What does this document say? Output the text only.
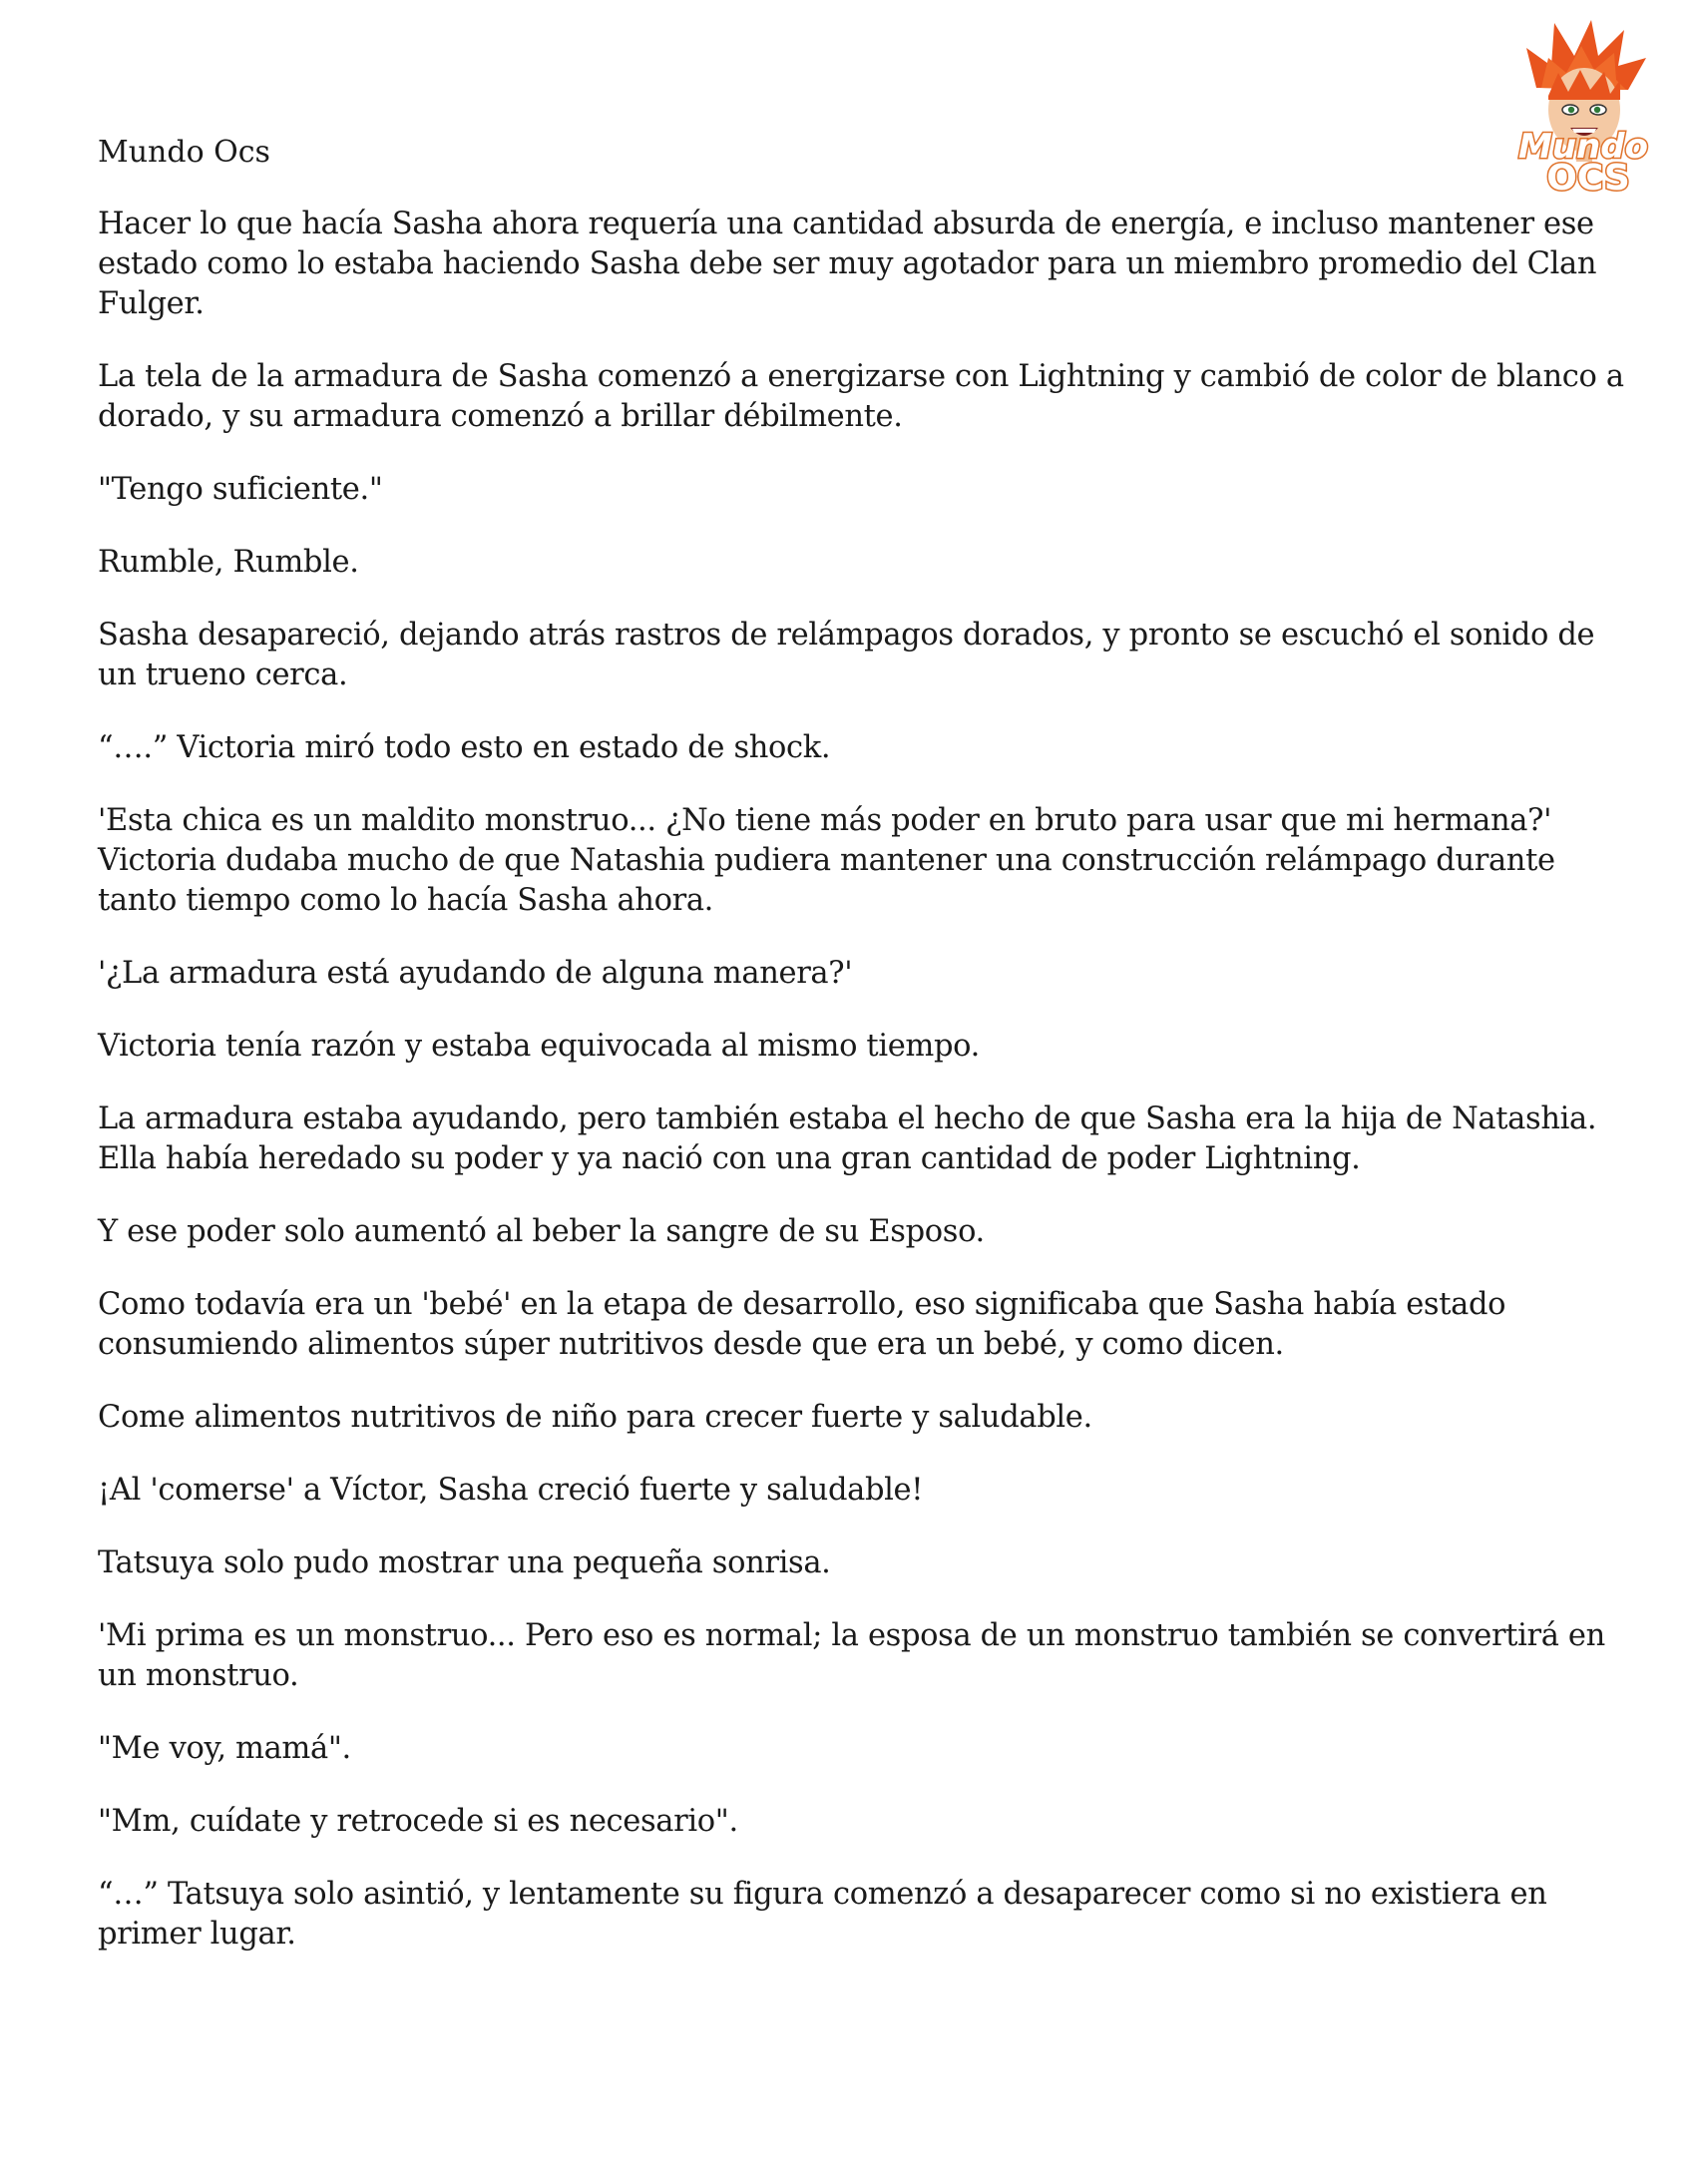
Mundo
OCS
Mundo Ocs

Hacer lo que hacía Sasha ahora requería una cantidad absurda de energía, e incluso mantener ese estado como lo estaba haciendo Sasha debe ser muy agotador para un miembro promedio del Clan Fulger.

La tela de la armadura de Sasha comenzó a energizarse con Lightning y cambió de color de blanco a dorado, y su armadura comenzó a brillar débilmente.

"Tengo suficiente."

Rumble, Rumble.

Sasha desapareció, dejando atrás rastros de relámpagos dorados, y pronto se escuchó el sonido de un trueno cerca.

“….” Victoria miró todo esto en estado de shock.

'Esta chica es un maldito monstruo... ¿No tiene más poder en bruto para usar que mi hermana?' Victoria dudaba mucho de que Natashia pudiera mantener una construcción relámpago durante tanto tiempo como lo hacía Sasha ahora.

'¿La armadura está ayudando de alguna manera?'

Victoria tenía razón y estaba equivocada al mismo tiempo.

La armadura estaba ayudando, pero también estaba el hecho de que Sasha era la hija de Natashia. Ella había heredado su poder y ya nació con una gran cantidad de poder Lightning.

Y ese poder solo aumentó al beber la sangre de su Esposo.

Como todavía era un 'bebé' en la etapa de desarrollo, eso significaba que Sasha había estado consumiendo alimentos súper nutritivos desde que era un bebé, y como dicen.

Come alimentos nutritivos de niño para crecer fuerte y saludable.

¡Al 'comerse' a Víctor, Sasha creció fuerte y saludable!

Tatsuya solo pudo mostrar una pequeña sonrisa.

'Mi prima es un monstruo... Pero eso es normal; la esposa de un monstruo también se convertirá en un monstruo.

"Me voy, mamá".

"Mm, cuídate y retrocede si es necesario".

“…” Tatsuya solo asintió, y lentamente su figura comenzó a desaparecer como si no existiera en primer lugar.
